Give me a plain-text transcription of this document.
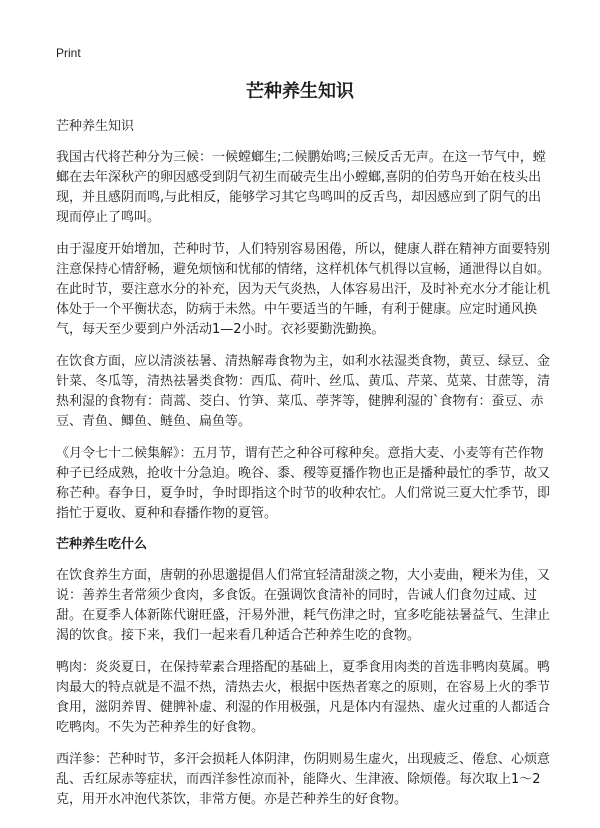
Print
芒种养生知识

芒种养生知识

我国古代将芒种分为三候：一候螳螂生;二候鹏始鸣;三候反舌无声。在这一节气中，螳螂在去年深秋产的卵因感受到阴气初生而破壳生出小螳螂,喜阴的伯劳鸟开始在枝头出现，并且感阴而鸣,与此相反，能够学习其它鸟鸣叫的反舌鸟，却因感应到了阴气的出现而停止了鸣叫。

由于湿度开始增加，芒种时节，人们特别容易困倦，所以，健康人群在精神方面要特别注意保持心情舒畅，避免烦恼和忧郁的情绪，这样机体气机得以宣畅，通泄得以自如。在此时节，要注意水分的补充，因为天气炎热，人体容易出汗，及时补充水分才能让机体处于一个平衡状态，防病于未然。中午要适当的午睡，有利于健康。应定时通风换气，每天至少要到户外活动1—2小时。衣衫要勤洗勤换。

在饮食方面，应以清淡祛暑、清热解毒食物为主，如利水祛湿类食物，黄豆、绿豆、金针菜、冬瓜等，清热祛暑类食物：西瓜、荷叶、丝瓜、黄瓜、芹菜、苋菜、甘蔗等，清热利湿的食物有：茼蒿、茭白、竹笋、菜瓜、荸荠等，健脾利湿的`食物有：蚕豆、赤豆、青鱼、鲫鱼、鲢鱼、扁鱼等。

《月令七十二候集解》：五月节，谓有芒之种谷可稼种矣。意指大麦、小麦等有芒作物种子已经成熟，抢收十分急迫。晚谷、黍、稷等夏播作物也正是播种最忙的季节，故又称芒种。春争日，夏争时，争时即指这个时节的收种农忙。人们常说三夏大忙季节，即指忙于夏收、夏种和春播作物的夏管。

芒种养生吃什么

在饮食养生方面，唐朝的孙思邈提倡人们常宜轻清甜淡之物，大小麦曲，粳米为佳，又说：善养生者常须少食肉，多食饭。在强调饮食清补的同时，告诫人们食勿过咸、过甜。在夏季人体新陈代谢旺盛，汗易外泄，耗气伤津之时，宜多吃能祛暑益气、生津止渴的饮食。接下来，我们一起来看几种适合芒种养生吃的食物。

鸭肉：炎炎夏日，在保持荤素合理搭配的基础上，夏季食用肉类的首选非鸭肉莫属。鸭肉最大的特点就是不温不热，清热去火，根据中医热者寒之的原则，在容易上火的季节食用，滋阴养胃、健脾补虚、利湿的作用极强，凡是体内有湿热、虚火过重的人都适合吃鸭肉。不失为芒种养生的好食物。

西洋参：芒种时节，多汗会损耗人体阴津，伤阴则易生虚火，出现疲乏、倦怠、心烦意乱、舌红尿赤等症状，而西洋参性凉而补，能降火、生津液、除烦倦。每次取上1～2克，用开水冲泡代茶饮，非常方便。亦是芒种养生的好食物。
